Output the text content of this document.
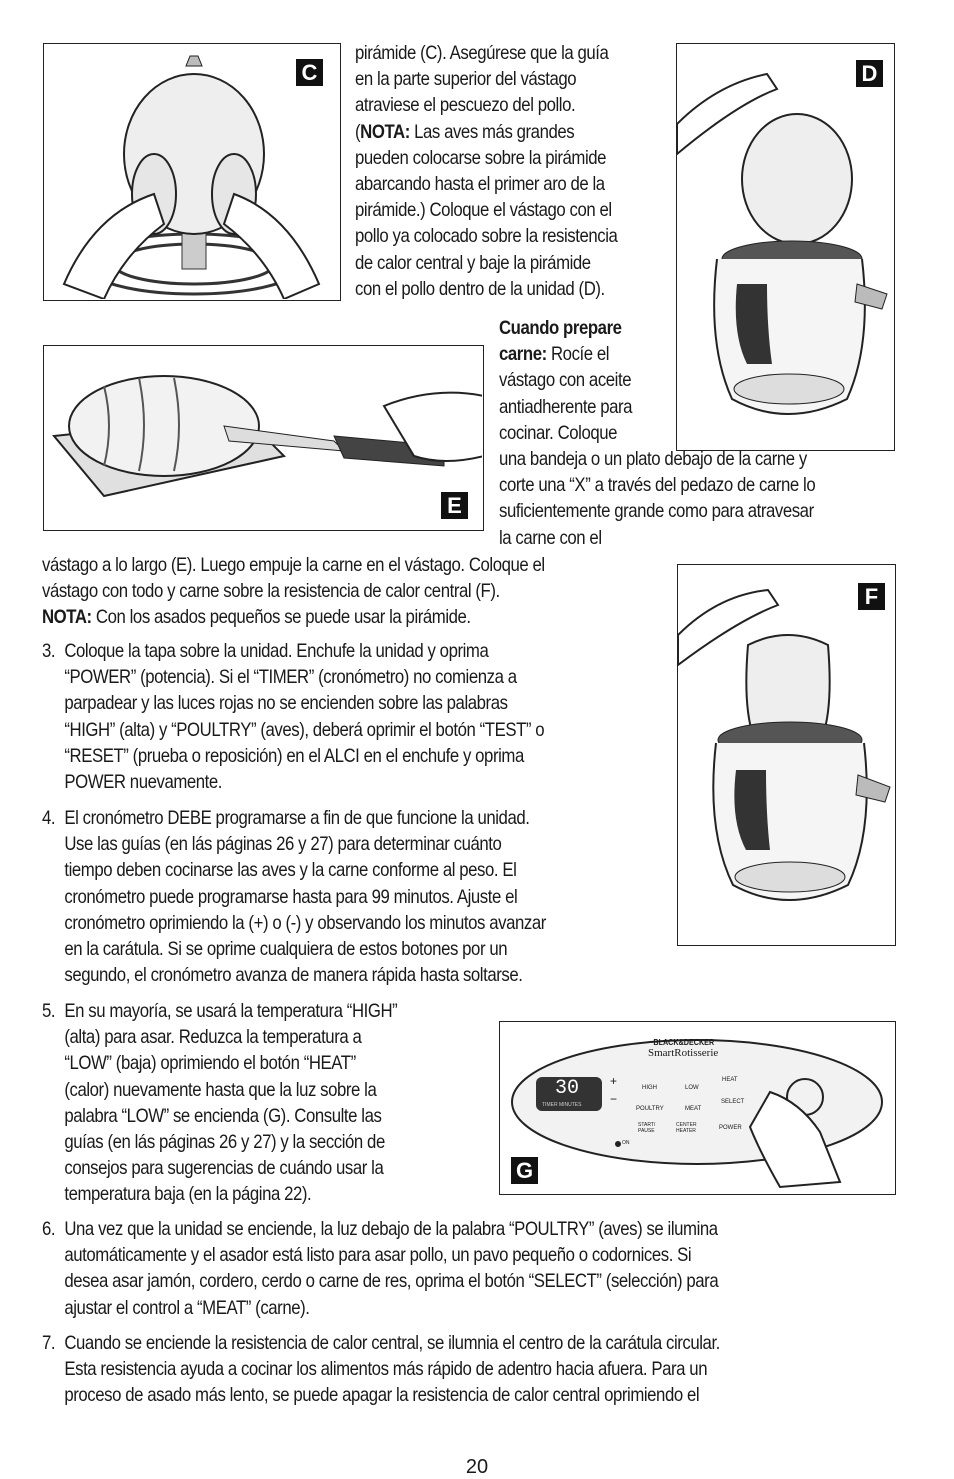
C	D
E
F
BLACK&DECKER
SmartRotisserie
30
TIMER MINUTES
+
−
ON
HIGH	LOW
POULTRY	MEAT
HEAT
SELECT
START/ PAUSE
CENTER HEATER	POWER
G
pirámide (C). Asegúrese que la guía
en la parte superior del vástago
atraviese el pescuezo del pollo.
(NOTA: Las aves más grandes
pueden colocarse sobre la pirámide
abarcando hasta el primer aro de la
pirámide.) Coloque el vástago con el
pollo ya colocado sobre la resistencia
de calor central y baje la pirámide
con el pollo dentro de la unidad (D).
Cuando prepare
carne: Rocíe el
vástago con aceite
antiadherente para
cocinar. Coloque
una bandeja o un plato debajo de la carne y
corte una “X” a través del pedazo de carne lo
suficientemente grande como para atravesar
la carne con el
vástago a lo largo (E). Luego empuje la carne en el vástago. Coloque el
vástago con todo y carne sobre la resistencia de calor central (F).
NOTA: Con los asados pequeños se puede usar la pirámide.
3. Coloque la tapa sobre la unidad. Enchufe la unidad y oprima
“POWER” (potencia). Si el “TIMER” (cronómetro) no comienza a
parpadear y las luces rojas no se encienden sobre las palabras
“HIGH” (alta) y “POULTRY” (aves), deberá oprimir el botón “TEST” o
“RESET” (prueba o reposición) en el ALCI en el enchufe y oprima
POWER nuevamente.
4. El cronómetro DEBE programarse a fin de que funcione la unidad.
Use las guías (en lás páginas 26 y 27) para determinar cuánto
tiempo deben cocinarse las aves y la carne conforme al peso. El
cronómetro puede programarse hasta para 99 minutos. Ajuste el
cronómetro oprimiendo la (+) o (-) y observando los minutos avanzar
en la carátula. Si se oprime cualquiera de estos botones por un
segundo, el cronómetro avanza de manera rápida hasta soltarse.
5. En su mayoría, se usará la temperatura “HIGH”
(alta) para asar. Reduzca la temperatura a
“LOW” (baja) oprimiendo el botón “HEAT”
(calor) nuevamente hasta que la luz sobre la
palabra “LOW” se encienda (G). Consulte las
guías (en lás páginas 26 y 27) y la sección de
consejos para sugerencias de cuándo usar la
temperatura baja (en la página 22).
6. Una vez que la unidad se enciende, la luz debajo de la palabra “POULTRY” (aves) se ilumina
automáticamente y el asador está listo para asar pollo, un pavo pequeño o codornices. Si
desea asar jamón, cordero, cerdo o carne de res, oprima el botón “SELECT” (selección) para
ajustar el control a “MEAT” (carne).
7. Cuando se enciende la resistencia de calor central, se ilumnia el centro de la carátula circular.
Esta resistencia ayuda a cocinar los alimentos más rápido de adentro hacia afuera. Para un
proceso de asado más lento, se puede apagar la resistencia de calor central oprimiendo el
20
